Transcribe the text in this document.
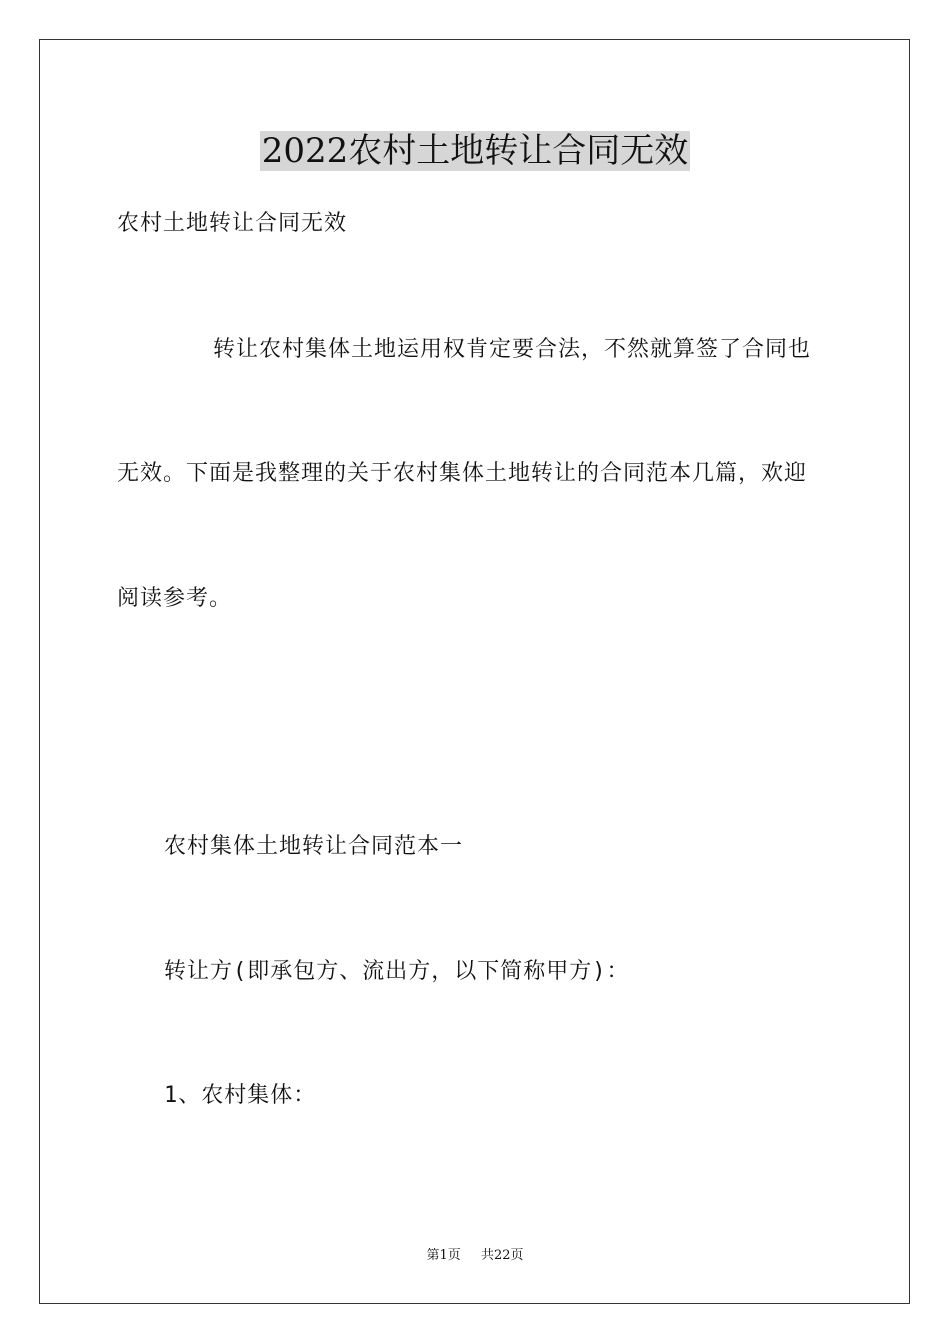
2022农村土地转让合同无效
农村土地转让合同无效
转让农村集体土地运用权肯定要合法，不然就算签了合同也
无效。下面是我整理的关于农村集体土地转让的合同范本几篇，欢迎
阅读参考。
农村集体土地转让合同范本一
转让方(即承包方、流出方，以下简称甲方)：
1、农村集体：
第1页 共22页
